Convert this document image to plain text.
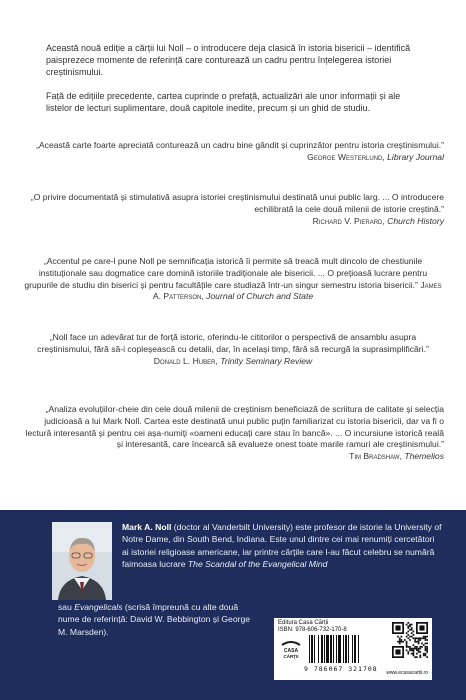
Această nouă ediție a cărții lui Noll – o introducere deja clasică în istoria bisericii – identifică paisprezece momente de referință care conturează un cadru pentru înțelegerea istoriei creștinismului.
Față de edițiile precedente, cartea cuprinde o prefață, actualizări ale unor informații și ale listelor de lecturi suplimentare, două capitole inedite, precum și un ghid de studiu.
„Această carte foarte apreciată conturează un cadru bine gândit și cuprinzător pentru istoria creștinismului.” George Westerlund, Library Journal
„O privire documentată și stimulativă asupra istoriei creștinismului destinată unui public larg. ... O introducere echilibrată la cele două milenii de istorie creștină.”
Richard V. Pierard, Church History
„Accentul pe care-l pune Noll pe semnificația istorică îi permite să treacă mult dincolo de chestiunile instituționale sau dogmatice care domină istoriile tradiționale ale bisericii. ... O prețioasă lucrare pentru grupurile de studiu din biserici și pentru facultățile care studiază într-un singur semestru istoria bisericii.” James A. Patterson, Journal of Church and State
„Noll face un adevărat tur de forță istoric, oferindu-le cititorilor o perspectivă de ansamblu asupra creștinismului, fără să-i copleșească cu detalii, dar, în același timp, fără să recurgă la suprasimplificări.”
Donald L. Huber, Trinity Seminary Review
„Analiza evoluțiilor-cheie din cele două milenii de creștinism beneficiază de scriitura de calitate și selecția judicioasă a lui Mark Noll. Cartea este destinată unui public puțin familiarizat cu istoria bisericii, dar va fi o lectură interesantă și pentru cei așa-numiți «oameni educați care stau în bancă». ... O incursiune istorică reală și interesantă, care încearcă să evalueze onest toate marile ramuri ale creștinismului.”
Tim Bradshaw, Themelios
Mark A. Noll (doctor al Vanderbilt University) este profesor de istorie la University of Notre Dame, din South Bend, Indiana. Este unul dintre cei mai renumiți cercetători ai istoriei religioase americane, iar printre cărțile care l-au făcut celebru se numără faimoasa lucrare The Scandal of the Evangelical Mind
sau Evangelicals (scrisă împreună cu alte două nume de referință: David W. Bebbington și George M. Marsden).
Editura Casa Cărții
ISBN: 978-606-732-170-8
CASA
CĂRȚII
9 786067 321708 www.ecasacartii.ro
